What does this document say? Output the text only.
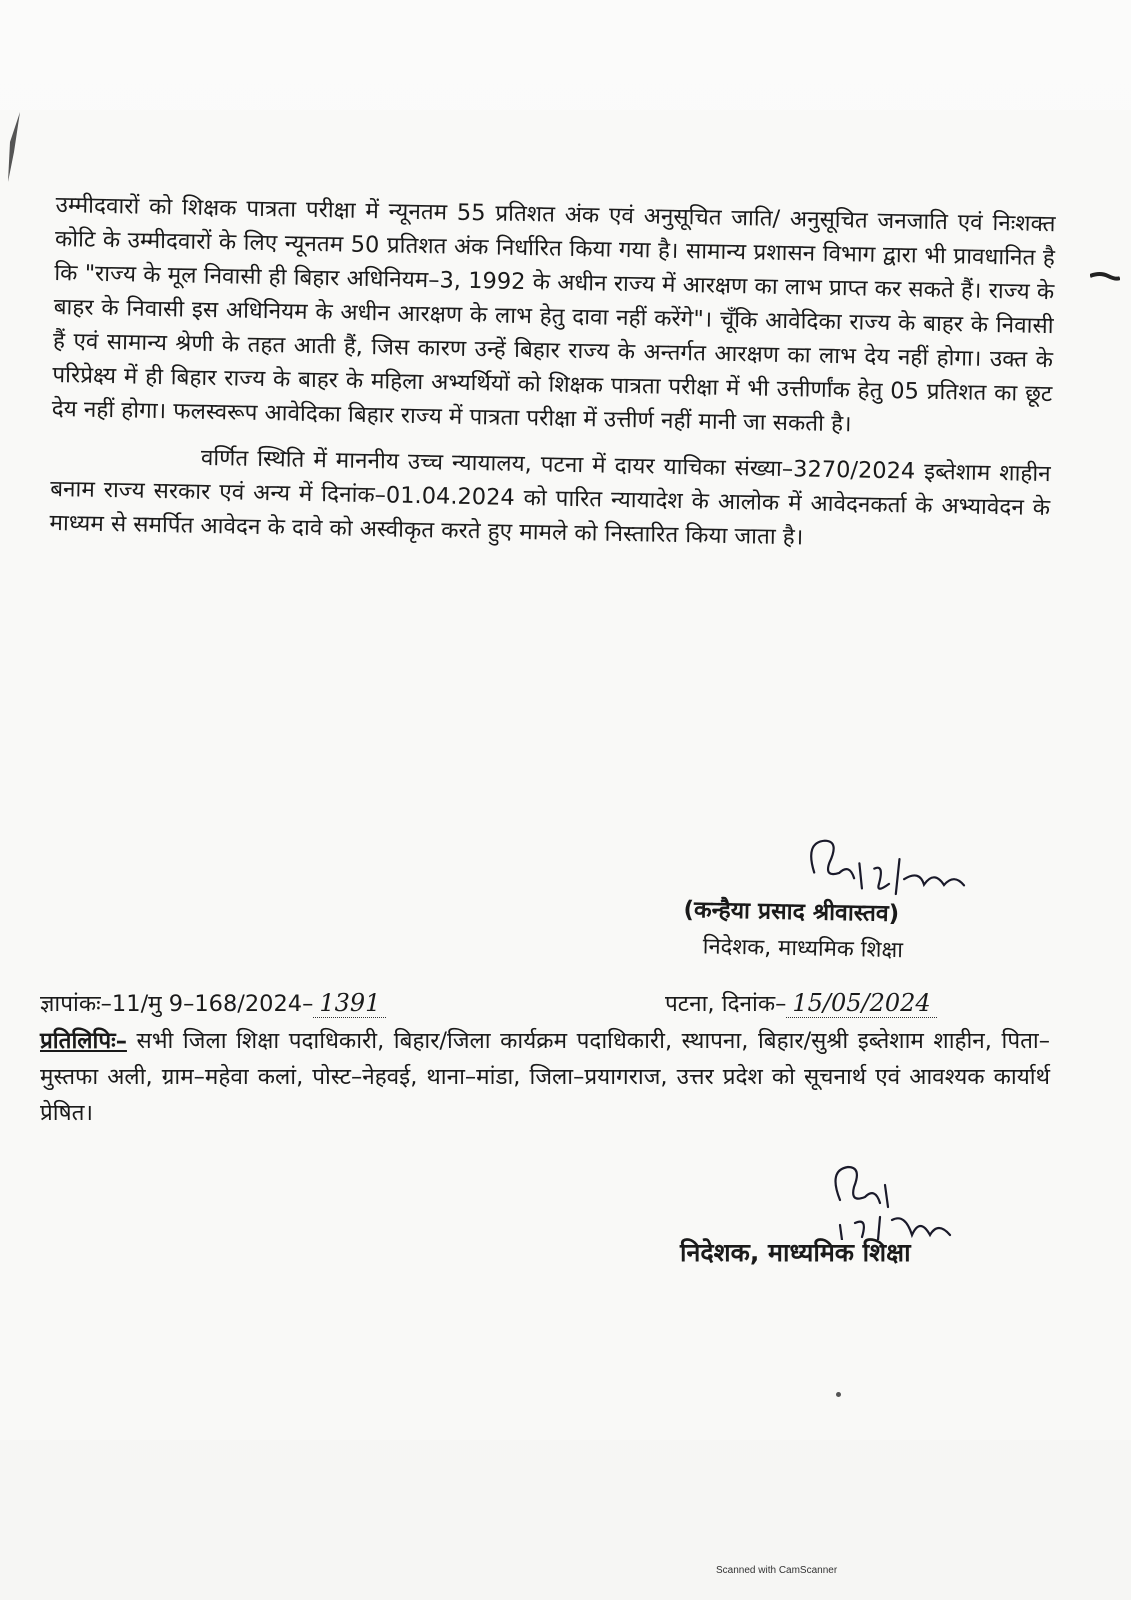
उम्मीदवारों को शिक्षक पात्रता परीक्षा में न्यूनतम 55 प्रतिशत अंक एवं अनुसूचित जाति/ अनुसूचित जनजाति एवं निःशक्त कोटि के उम्मीदवारों के लिए न्यूनतम 50 प्रतिशत अंक निर्धारित किया गया है। सामान्य प्रशासन विभाग द्वारा भी प्रावधानित है कि "राज्य के मूल निवासी ही बिहार अधिनियम–3, 1992 के अधीन राज्य में आरक्षण का लाभ प्राप्त कर सकते हैं। राज्य के बाहर के निवासी इस अधिनियम के अधीन आरक्षण के लाभ हेतु दावा नहीं करेंगे"। चूँकि आवेदिका राज्य के बाहर के निवासी हैं एवं सामान्य श्रेणी के तहत आती हैं, जिस कारण उन्हें बिहार राज्य के अन्तर्गत आरक्षण का लाभ देय नहीं होगा। उक्त के परिप्रेक्ष्य में ही बिहार राज्य के बाहर के महिला अभ्यर्थियों को शिक्षक पात्रता परीक्षा में भी उत्तीर्णांक हेतु 05 प्रतिशत का छूट देय नहीं होगा। फलस्वरूप आवेदिका बिहार राज्य में पात्रता परीक्षा में उत्तीर्ण नहीं मानी जा सकती है।

वर्णित स्थिति में माननीय उच्च न्यायालय, पटना में दायर याचिका संख्या–3270/2024 इब्तेशाम शाहीन बनाम राज्य सरकार एवं अन्य में दिनांक–01.04.2024 को पारित न्यायादेश के आलोक में आवेदनकर्ता के अभ्यावेदन के माध्यम से समर्पित आवेदन के दावे को अस्वीकृत करते हुए मामले को निस्तारित किया जाता है।

(कन्हैया प्रसाद श्रीवास्तव)
निदेशक, माध्यमिक शिक्षा
ज्ञापांकः–11/मु 9–168/2024– 1391	पटना, दिनांक– 15/05/2024
प्रतिलिपिः– सभी जिला शिक्षा पदाधिकारी, बिहार/जिला कार्यक्रम पदाधिकारी, स्थापना, बिहार/सुश्री इब्तेशाम शाहीन, पिता–मुस्तफा अली, ग्राम–महेवा कलां, पोस्ट–नेहवई, थाना–मांडा, जिला–प्रयागराज, उत्तर प्रदेश को सूचनार्थ एवं आवश्यक कार्यार्थ प्रेषित।
निदेशक, माध्यमिक शिक्षा
Scanned with CamScanner
